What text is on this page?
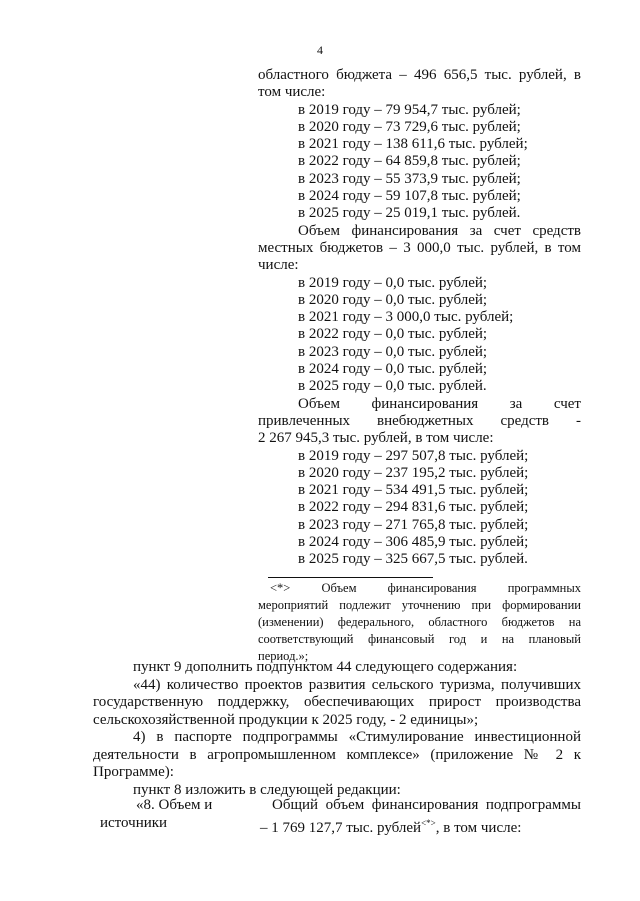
4

областного бюджета – 496 656,5 тыс. рублей, в

том числе:

в 2019 году – 79 954,7 тыс. рублей;

в 2020 году – 73 729,6 тыс. рублей;

в 2021 году – 138 611,6 тыс. рублей;

в 2022 году – 64 859,8 тыс. рублей;

в 2023 году – 55 373,9 тыс. рублей;

в 2024 году – 59 107,8 тыс. рублей;

в 2025 году – 25 019,1 тыс. рублей.

Объем финансирования за счет средств

местных бюджетов – 3 000,0 тыс. рублей, в том

числе:

в 2019 году – 0,0 тыс. рублей;

в 2020 году – 0,0 тыс. рублей;

в 2021 году – 3 000,0 тыс. рублей;

в 2022 году – 0,0 тыс. рублей;

в 2023 году – 0,0 тыс. рублей;

в 2024 году – 0,0 тыс. рублей;

в 2025 году – 0,0 тыс. рублей.

Объем финансирования за счет

привлеченных внебюджетных средств -

2 267 945,3 тыс. рублей, в том числе:

в 2019 году – 297 507,8 тыс. рублей;

в 2020 году – 237 195,2 тыс. рублей;

в 2021 году – 534 491,5 тыс. рублей;

в 2022 году – 294 831,6 тыс. рублей;

в 2023 году – 271 765,8 тыс. рублей;

в 2024 году – 306 485,9 тыс. рублей;

в 2025 году – 325 667,5 тыс. рублей.

<*> Объем финансирования программных

мероприятий подлежит уточнению при формировании

(изменении) федерального, областного бюджетов на

соответствующий финансовый год и на плановый

период.»;

пункт 9 дополнить подпунктом 44 следующего содержания:

«44) количество проектов развития сельского туризма, получивших

государственную поддержку, обеспечивающих прирост производства

сельскохозяйственной продукции к 2025 году, - 2 единицы»;

4) в паспорте подпрограммы «Стимулирование инвестиционной

деятельности в агропромышленном комплексе» (приложение № 2 к

Программе):

пункт 8 изложить в следующей редакции:

«8. Объем и
источники
Общий объем финансирования подпрограммы
– 1 769 127,7 тыс. рублей<*>, в том числе:
